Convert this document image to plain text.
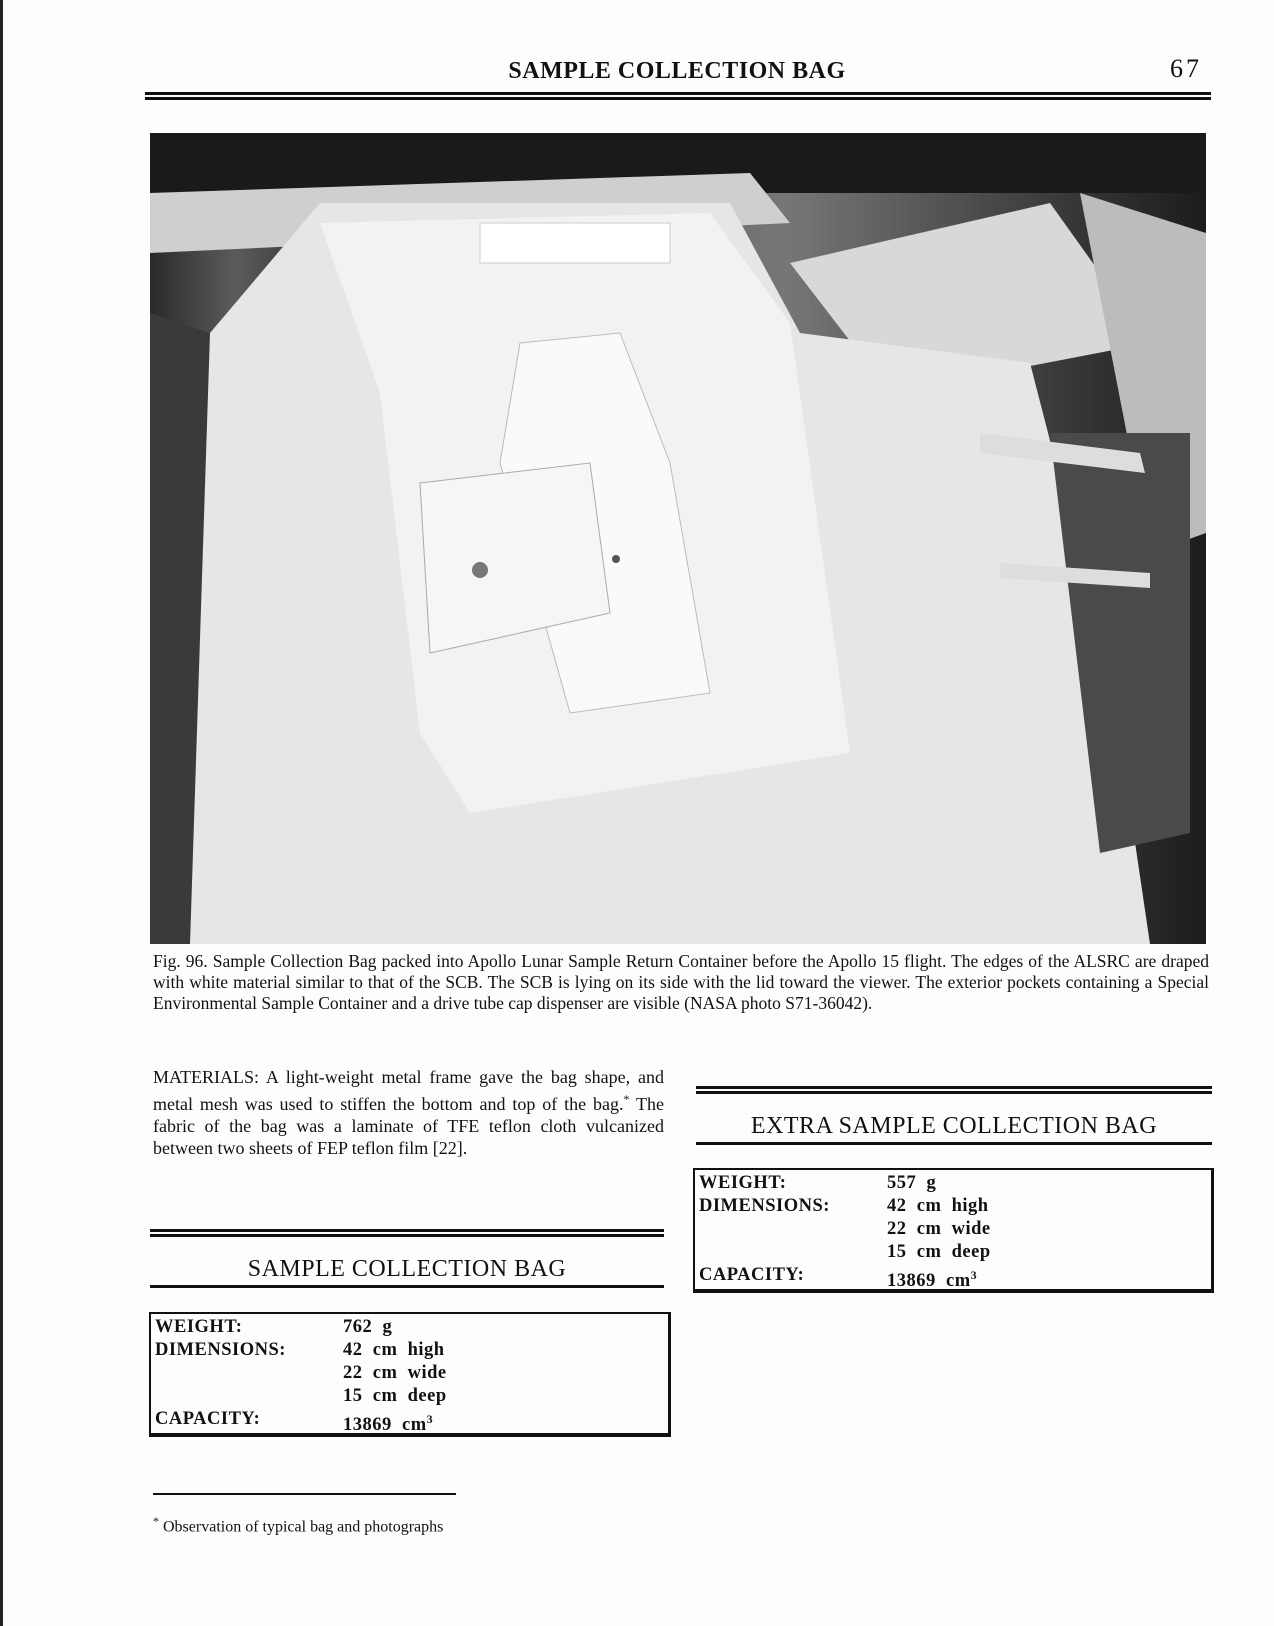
SAMPLE COLLECTION BAG	67
Fig. 96. Sample Collection Bag packed into Apollo Lunar Sample Return Container before the Apollo 15 flight. The edges of the ALSRC are draped with white material similar to that of the SCB. The SCB is lying on its side with the lid toward the viewer. The exterior pockets containing a Special Environmental Sample Container and a drive tube cap dispenser are visible (NASA photo S71-36042).
MATERIALS: A light-weight metal frame gave the bag shape, and metal mesh was used to stiffen the bottom and top of the bag.* The fabric of the bag was a laminate of TFE teflon cloth vulcanized between two sheets of FEP teflon film [22].
EXTRA SAMPLE COLLECTION BAG
WEIGHT:	557  g
DIMENSIONS:	42  cm  high
22  cm  wide
15  cm  deep
CAPACITY:	13869  $cm^3$
SAMPLE COLLECTION BAG
WEIGHT:	762  g
DIMENSIONS:	42  cm  high
22  cm  wide
15  cm  deep
CAPACITY:	13869  $cm^3$
* Observation of typical bag and photographs
